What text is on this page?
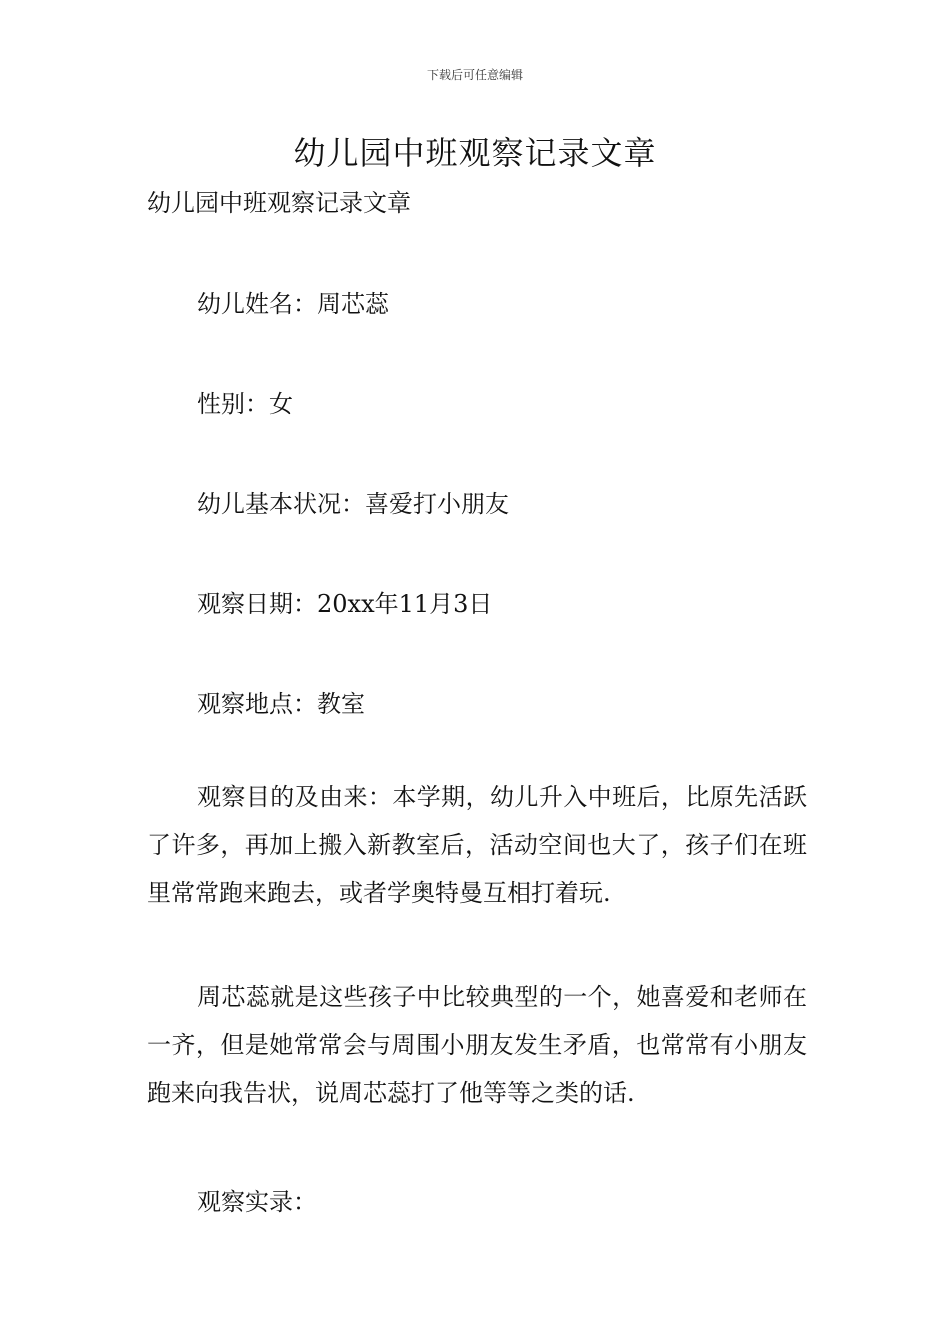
下载后可任意编辑
幼儿园中班观察记录文章
幼儿园中班观察记录文章
幼儿姓名：周芯蕊
性别：女
幼儿基本状况：喜爱打小朋友
观察日期：20xx年11月3日
观察地点：教室
观察目的及由来：本学期，幼儿升入中班后，比原先活跃了许多，再加上搬入新教室后，活动空间也大了，孩子们在班里常常跑来跑去，或者学奥特曼互相打着玩.
周芯蕊就是这些孩子中比较典型的一个，她喜爱和老师在一齐，但是她常常会与周围小朋友发生矛盾，也常常有小朋友跑来向我告状，说周芯蕊打了他等等之类的话.
观察实录：
